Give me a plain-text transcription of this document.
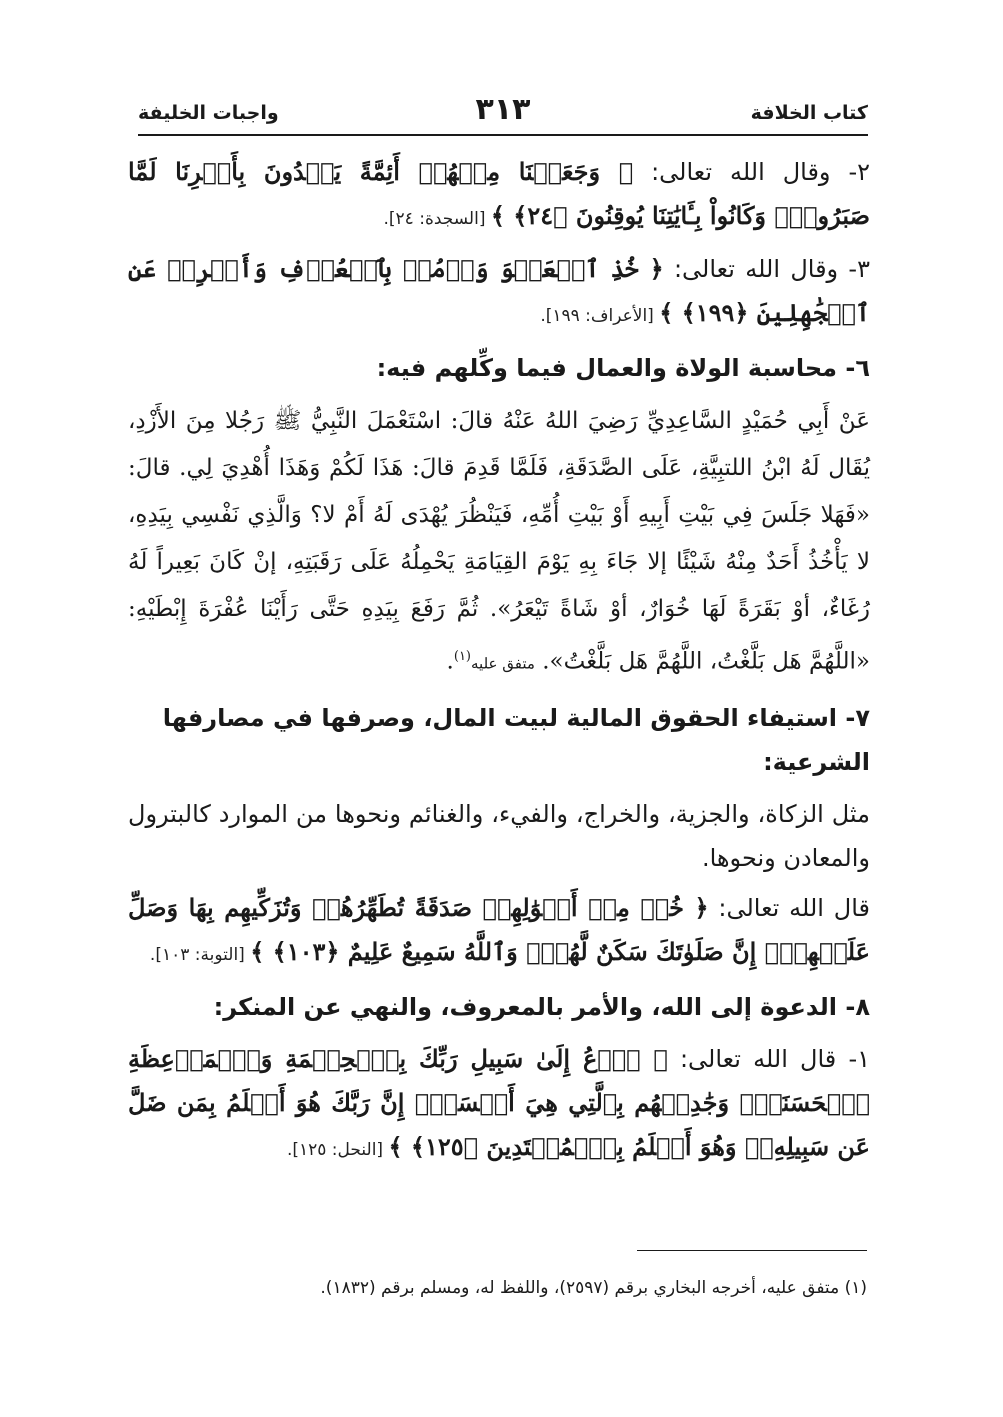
كتاب الخلافة
٣١٣
واجبات الخليفة

٢- وقال الله تعالى: ﴿ وَجَعَلۡنَا مِنۡهُمۡ أَئِمَّةً يَهۡدُونَ بِأَمۡرِنَا لَمَّا صَبَرُواْۖ وَكَانُواْ بِـَٔايَٰتِنَا يُوقِنُونَ ﴿٢٤﴾ ﴾ [السجدة: ٢٤].

٣- وقال الله تعالى: ﴿ خُذِ ٱلۡعَفۡوَ وَأۡمُرۡ بِٱلۡعُرۡفِ وَأَعۡرِضۡ عَنِ ٱلۡجَٰهِلِينَ ﴿١٩٩﴾ ﴾ [الأعراف: ١٩٩].

٦- محاسبة الولاة والعمال فيما وكِّلهم فيه:

عَنْ أَبِي حُمَيْدٍ السَّاعِدِيِّ رَضِيَ اللهُ عَنْهُ قالَ: اسْتَعْمَلَ النَّبِيُّ ﷺ رَجُلا مِنَ الأَزْدِ، يُقَال لَهُ ابْنُ اللتبِيَّةِ، عَلَى الصَّدَقَةِ، فَلَمَّا قَدِمَ قالَ: هَذَا لَكُمْ وَهَذَا أُهْدِيَ لِي. قالَ: «فَهَلا جَلَسَ فِي بَيْتِ أَبِيهِ أَوْ بَيْتِ أُمِّهِ، فَيَنْظُرَ يُهْدَى لَهُ أَمْ لا؟ وَالَّذِي نَفْسِي بِيَدِهِ، لا يَأْخُذُ أَحَدٌ مِنْهُ شَيْئًا إلا جَاءَ بِهِ يَوْمَ القِيَامَةِ يَحْمِلُهُ عَلَى رَقَبَتِهِ، إنْ كَانَ بَعِيراً لَهُ رُغَاءٌ، أوْ بَقَرَةً لَهَا خُوَارٌ، أوْ شَاةً تَيْعَرُ». ثُمَّ رَفَعَ بِيَدِهِ حَتَّى رَأَيْنَا عُفْرَةَ إِبْطَيْهِ: «اللَّهُمَّ هَل بَلَّغْتُ، اللَّهُمَّ هَل بَلَّغْتُ». متفق عليه$^{(١)}$.

٧- استيفاء الحقوق المالية لبيت المال، وصرفها في مصارفها الشرعية:

مثل الزكاة، والجزية، والخراج، والفيء، والغنائم ونحوها من الموارد كالبترول والمعادن ونحوها.

قال الله تعالى: ﴿ خُذۡ مِنۡ أَمۡوَٰلِهِمۡ صَدَقَةً تُطَهِّرُهُمۡ وَتُزَكِّيهِم بِهَا وَصَلِّ عَلَيۡهِمۡۖ إِنَّ صَلَوٰتَكَ سَكَنٌ لَّهُمۡۗ وَٱللَّهُ سَمِيعٌ عَلِيمٌ ﴿١٠٣﴾ ﴾ [التوبة: ١٠٣].

٨- الدعوة إلى الله، والأمر بالمعروف، والنهي عن المنكر:

١- قال الله تعالى: ﴿ ٱدۡعُ إِلَىٰ سَبِيلِ رَبِّكَ بِٱلۡحِكۡمَةِ وَٱلۡمَوۡعِظَةِ ٱلۡحَسَنَةِۖ وَجَٰدِلۡهُم بِٱلَّتِي هِيَ أَحۡسَنُۚ إِنَّ رَبَّكَ هُوَ أَعۡلَمُ بِمَن ضَلَّ عَن سَبِيلِهِۦۖ وَهُوَ أَعۡلَمُ بِٱلۡمُهۡتَدِينَ ﴿١٢٥﴾ ﴾ [النحل: ١٢٥].

(١) متفق عليه، أخرجه البخاري برقم (٢٥٩٧)، واللفظ له، ومسلم برقم (١٨٣٢).
